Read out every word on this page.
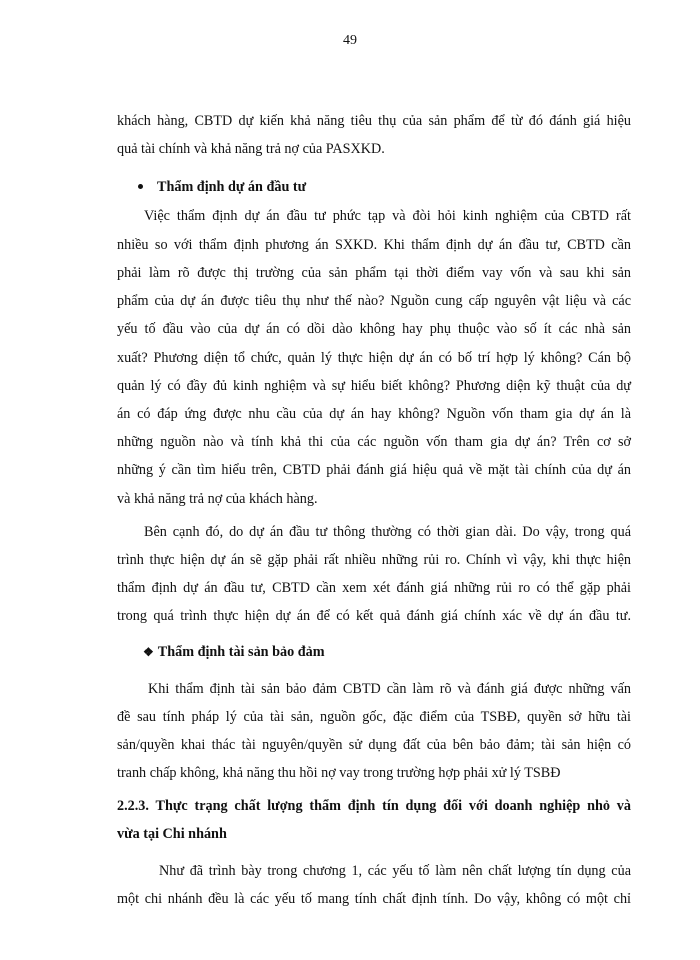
49
khách hàng, CBTD dự kiến khả năng tiêu thụ của sản phẩm để từ đó đánh giá hiệu
quả tài chính và khả năng trả nợ của PASXKD.
Thẩm định dự án đầu tư
Việc thẩm định dự án đầu tư phức tạp và đòi hỏi kinh nghiệm của CBTD rất
nhiều so với thẩm định phương án SXKD. Khi thẩm định dự án đầu tư, CBTD cần
phải làm rõ được thị trường của sản phẩm tại thời điểm vay vốn và sau khi sản
phẩm của dự án được tiêu thụ như thế nào? Nguồn cung cấp nguyên vật liệu và các
yếu tố đầu vào của dự án có dồi dào không hay phụ thuộc vào số ít các nhà sản
xuất? Phương diện tổ chức, quản lý thực hiện dự án có bố trí hợp lý không? Cán bộ
quản lý có đầy đủ kinh nghiệm và sự hiểu biết không? Phương diện kỹ thuật của dự
án có đáp ứng được nhu cầu của dự án hay không? Nguồn vốn tham gia dự án là
những nguồn nào và tính khả thi của các nguồn vốn tham gia dự án? Trên cơ sở
những ý cần tìm hiểu trên, CBTD phải đánh giá hiệu quả về mặt tài chính của dự án
và khả năng trả nợ của khách hàng.
Bên cạnh đó, do dự án đầu tư thông thường có thời gian dài. Do vậy, trong quá
trình thực hiện dự án sẽ gặp phải rất nhiều những rủi ro. Chính vì vậy, khi thực hiện
thẩm định dự án đầu tư, CBTD cần xem xét đánh giá những rủi ro có thể gặp phải
trong quá trình thực hiện dự án để có kết quả đánh giá chính xác về dự án đầu tư.
❖ Thẩm định tài sản bảo đảm
Khi thẩm định tài sản bảo đảm CBTD cần làm rõ và đánh giá được những vấn
đề sau tính pháp lý của tài sản, nguồn gốc, đặc điểm của TSBĐ, quyền sở hữu tài
sản/quyền khai thác tài nguyên/quyền sử dụng đất của bên bảo đảm; tài sản hiện có
tranh chấp không, khả năng thu hồi nợ vay trong trường hợp phải xử lý TSBĐ
2.2.3. Thực trạng chất lượng thẩm định tín dụng đối với doanh nghiệp nhỏ và
vừa tại Chi nhánh
Như đã trình bày trong chương 1, các yếu tố làm nên chất lượng tín dụng của
một chi nhánh đều là các yếu tố mang tính chất định tính. Do vậy, không có một chỉ
